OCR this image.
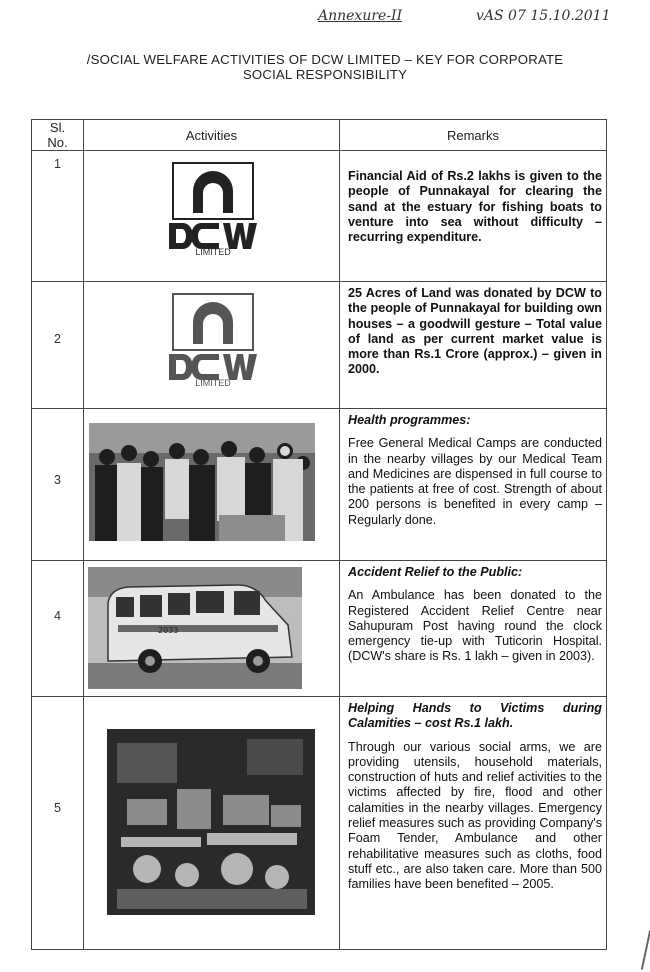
Annexure-II	vAS 07 15.10.2011
/SOCIAL WELFARE ACTIVITIES OF DCW LIMITED – KEY FOR CORPORATE
SOCIAL RESPONSIBILITY
Sl.
No.	Activities	Remarks

1	LIMITED	Financial Aid of Rs.2 lakhs is given to the people of Punnakayal for clearing the sand at the estuary for fishing boats to venture into sea without difficulty – recurring expenditure.

2	LIMITED	25 Acres of Land was donated by DCW to the people of Punnakayal for building own houses – a goodwill gesture – Total value of land as per current market value is more than Rs.1 Crore (approx.) – given in 2000.

3		Health programmes:
Free General Medical Camps are conducted in the nearby villages by our Medical Team and Medicines are dispensed in full course to the patients at free of cost. Strength of about 200 persons is benefited in every camp – Regularly done.

4	2033	Accident Relief to the Public:
An Ambulance has been donated to the Registered Accident Relief Centre near Sahupuram Post having round the clock emergency tie-up with Tuticorin Hospital. (DCW's share is Rs. 1 lakh – given in 2003).

5		Helping Hands to Victims during Calamities – cost Rs.1 lakh.
Through our various social arms, we are providing utensils, household materials, construction of huts and relief activities to the victims affected by fire, flood and other calamities in the nearby villages. Emergency relief measures such as providing Company's Foam Tender, Ambulance and other rehabilitative measures such as cloths, food stuff etc., are also taken care. More than 500 families have been benefited – 2005.
